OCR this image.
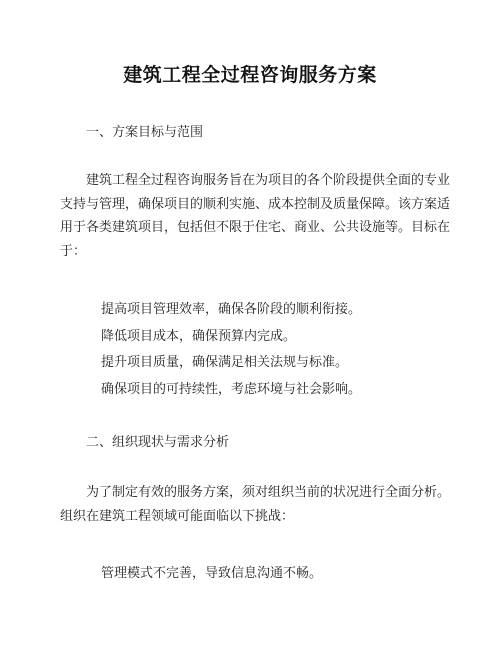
建筑工程全过程咨询服务方案
一、方案目标与范围

建筑工程全过程咨询服务旨在为项目的各个阶段提供全面的专业支持与管理，确保项目的顺利实施、成本控制及质量保障。该方案适用于各类建筑项目，包括但不限于住宅、商业、公共设施等。目标在于：

提高项目管理效率，确保各阶段的顺利衔接。
降低项目成本，确保预算内完成。
提升项目质量，确保满足相关法规与标准。
确保项目的可持续性，考虑环境与社会影响。
二、组织现状与需求分析

为了制定有效的服务方案，须对组织当前的状况进行全面分析。组织在建筑工程领域可能面临以下挑战：

管理模式不完善，导致信息沟通不畅。
